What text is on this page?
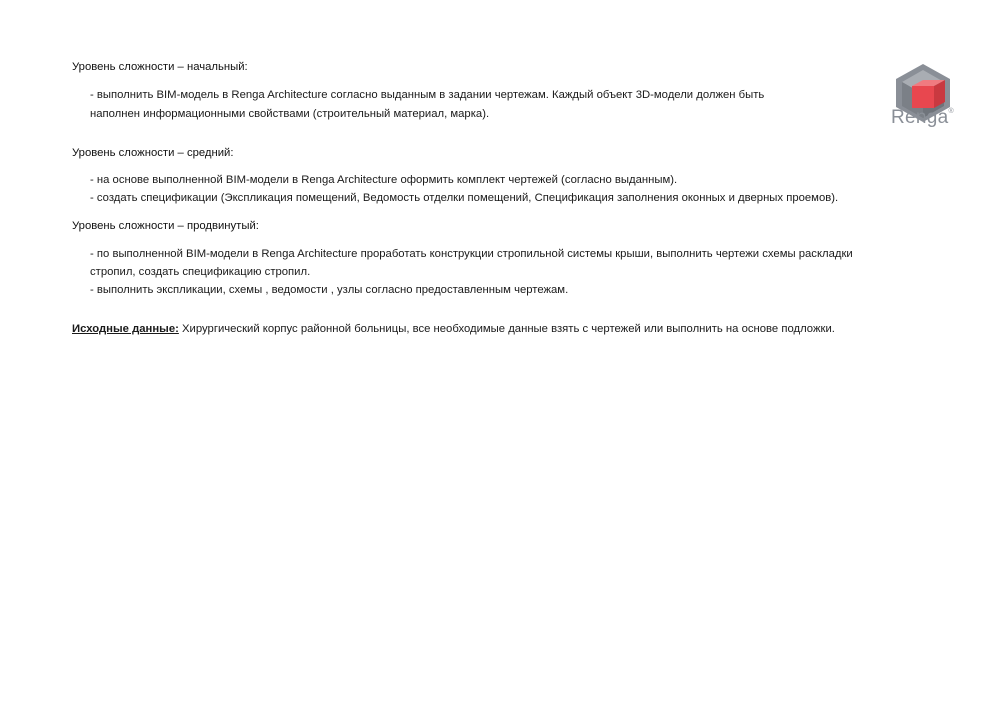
Renga®
Уровень сложности – начальный:
- выполнить BIM-модель в Renga Architecture согласно выданным в задании чертежам. Каждый объект 3D-модели должен быть
наполнен информационными свойствами (строительный материал, марка).
Уровень сложности – средний:
- на основе выполненной BIM-модели в Renga Architecture оформить комплект чертежей (согласно выданным).
- создать спецификации (Экспликация помещений, Ведомость отделки помещений, Спецификация заполнения оконных и дверных проемов).
Уровень сложности – продвинутый:
- по выполненной BIM-модели в Renga Architecture проработать конструкции стропильной системы крыши, выполнить чертежи схемы раскладки
стропил, создать спецификацию стропил.
- выполнить экспликации, схемы , ведомости , узлы согласно предоставленным чертежам.
Исходные данные: Хирургический корпус районной больницы, все необходимые данные взять с чертежей или выполнить на основе подложки.
